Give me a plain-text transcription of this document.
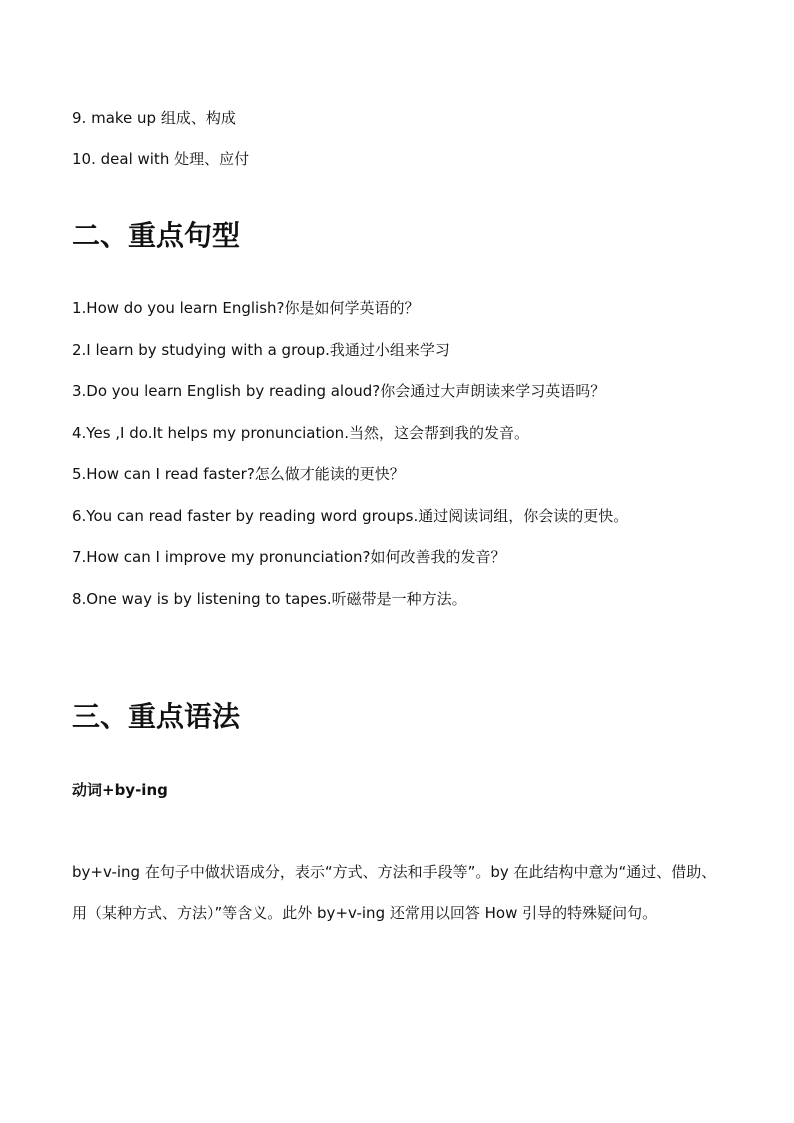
9. make up 组成、构成
10. deal with 处理、应付
二、重点句型
1.How do you learn English?你是如何学英语的？
2.I learn by studying with a group.我通过小组来学习
3.Do you learn English by reading aloud?你会通过大声朗读来学习英语吗？
4.Yes ,I do.It helps my pronunciation.当然，这会帮到我的发音。
5.How can I read faster?怎么做才能读的更快？
6.You can read faster by reading word groups.通过阅读词组，你会读的更快。
7.How can I improve my pronunciation?如何改善我的发音？
8.One way is by listening to tapes.听磁带是一种方法。
三、重点语法
动词+by-ing
by+v-ing 在句子中做状语成分，表示“方式、方法和手段等”。by 在此结构中意为“通过、借助、用（某种方式、方法）”等含义。此外 by+v-ing 还常用以回答 How 引导的特殊疑问句。
